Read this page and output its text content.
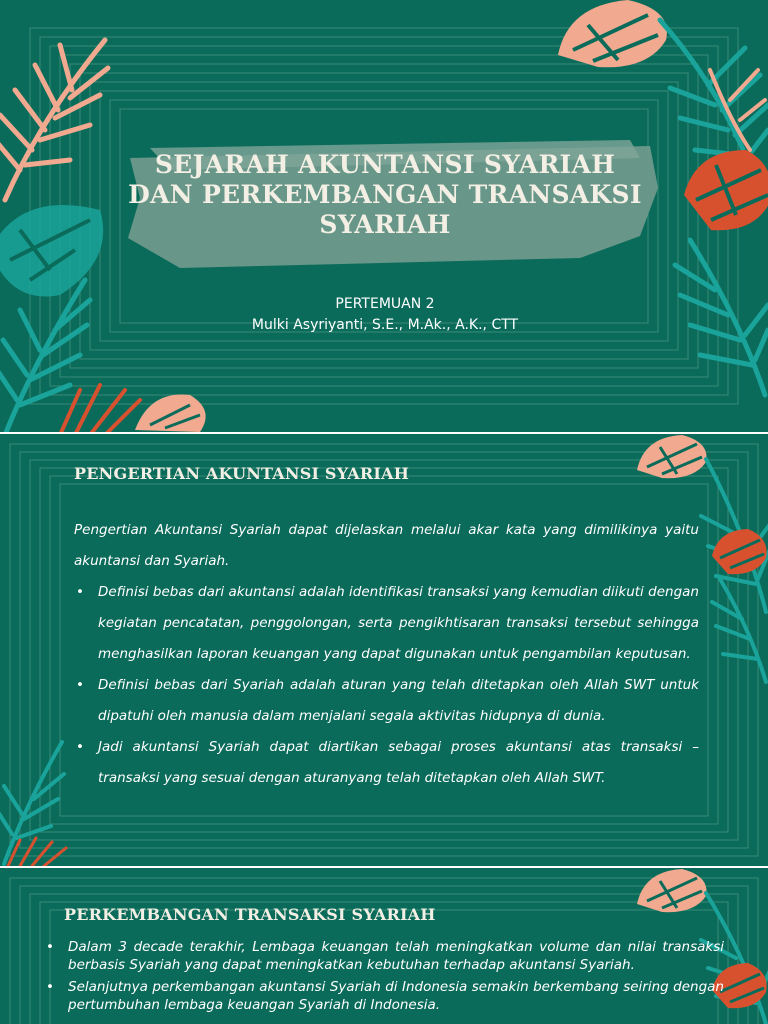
SEJARAH AKUNTANSI SYARIAH DAN PERKEMBANGAN TRANSAKSI SYARIAH
PERTEMUAN 2
Mulki Asyriyanti, S.E., M.Ak., A.K., CTT
PENGERTIAN AKUNTANSI SYARIAH

Pengertian Akuntansi Syariah dapat dijelaskan melalui akar kata yang dimilikinya yaitu akuntansi dan Syariah.

• Definisi bebas dari akuntansi adalah identifikasi transaksi yang kemudian diikuti dengan kegiatan pencatatan, penggolongan, serta pengikhtisaran transaksi tersebut sehingga menghasilkan laporan keuangan yang dapat digunakan untuk pengambilan keputusan.
• Definisi bebas dari Syariah adalah aturan yang telah ditetapkan oleh Allah SWT untuk dipatuhi oleh manusia dalam menjalani segala aktivitas hidupnya di dunia.
• Jadi akuntansi Syariah dapat diartikan sebagai proses akuntansi atas transaksi – transaksi yang sesuai dengan aturanyang telah ditetapkan oleh Allah SWT.
PERKEMBANGAN TRANSAKSI SYARIAH
• Dalam 3 decade terakhir, Lembaga keuangan telah meningkatkan volume dan nilai transaksi berbasis Syariah yang dapat meningkatkan kebutuhan terhadap akuntansi Syariah.
• Selanjutnya perkembangan akuntansi Syariah di Indonesia semakin berkembang seiring dengan pertumbuhan lembaga keuangan Syariah di Indonesia.
